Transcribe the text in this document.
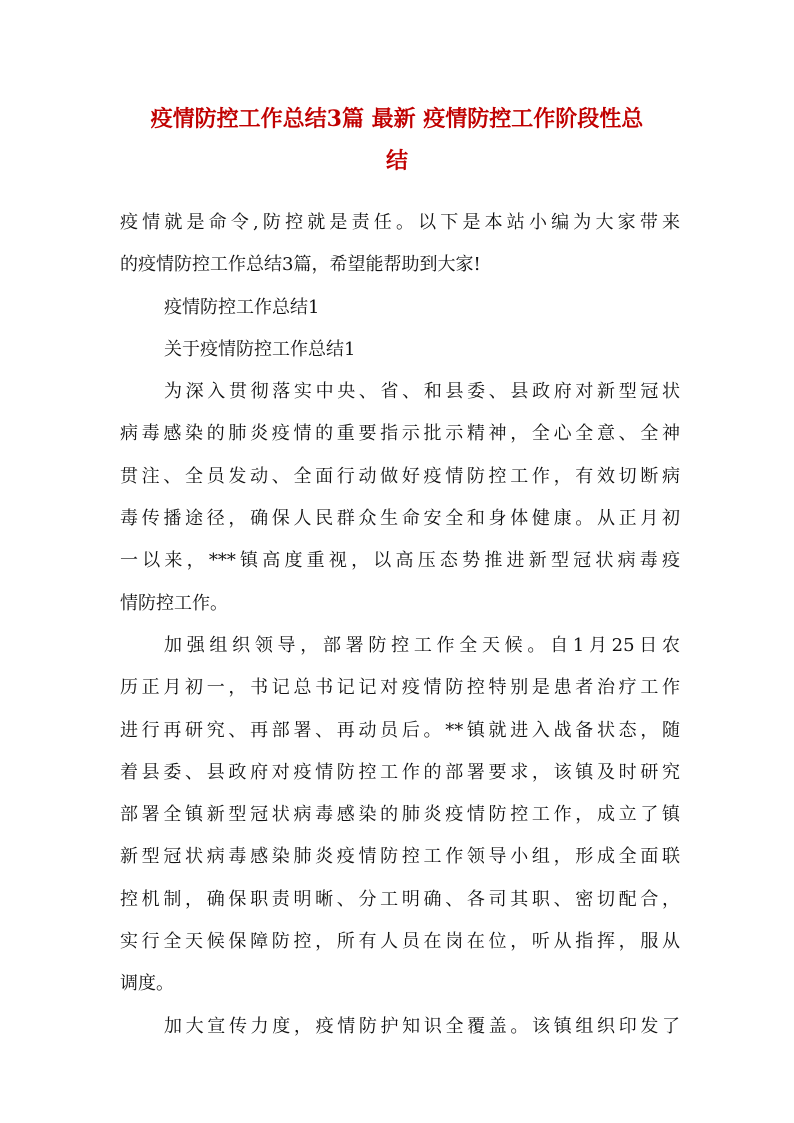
疫情防控工作总结3篇 最新 疫情防控工作阶段性总
结
疫情就是命令,防控就是责任。以下是本站小编为大家带来
的疫情防控工作总结3篇，希望能帮助到大家!
疫情防控工作总结1
关于疫情防控工作总结1
为深入贯彻落实中央、省、和县委、县政府对新型冠状
病毒感染的肺炎疫情的重要指示批示精神，全心全意、全神
贯注、全员发动、全面行动做好疫情防控工作，有效切断病
毒传播途径，确保人民群众生命安全和身体健康。从正月初
一以来，***镇高度重视，以高压态势推进新型冠状病毒疫
情防控工作。
加强组织领导，部署防控工作全天候。自1月25日农
历正月初一，书记总书记记对疫情防控特别是患者治疗工作
进行再研究、再部署、再动员后。**镇就进入战备状态，随
着县委、县政府对疫情防控工作的部署要求，该镇及时研究
部署全镇新型冠状病毒感染的肺炎疫情防控工作，成立了镇
新型冠状病毒感染肺炎疫情防控工作领导小组，形成全面联
控机制，确保职责明晰、分工明确、各司其职、密切配合，
实行全天候保障防控，所有人员在岗在位，听从指挥，服从
调度。
加大宣传力度，疫情防护知识全覆盖。该镇组织印发了
